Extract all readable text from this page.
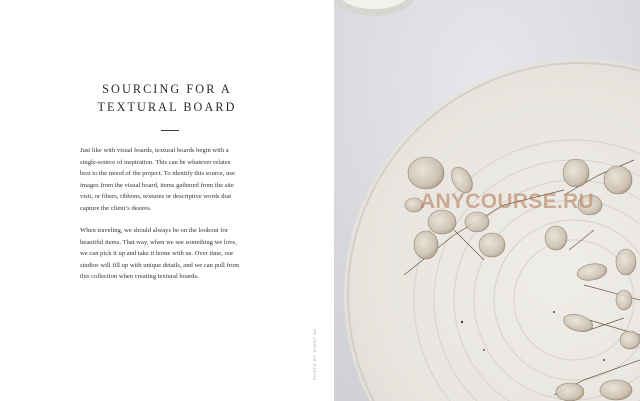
SOURCING FOR A
TEXTURAL BOARD

Just like with visual boards, textural boards begin with a
single-source of inspiration. This can be whatever relates
best to the mood of the project. To identify this source, use
images from the visual board, items gathered from the site
visit, or fibers, ribbons, textures or descriptive words that
capture the client’s desires.

When traveling, we should always be on the lookout for
beautiful items. That way, when we see something we love,
we can pick it up and take it home with us. Over time, our
studios will fill up with unique details, and we can pull from
this collection when creating textural boards.

PHOTO BY GINNY AU
ANYCOURSE.RU
